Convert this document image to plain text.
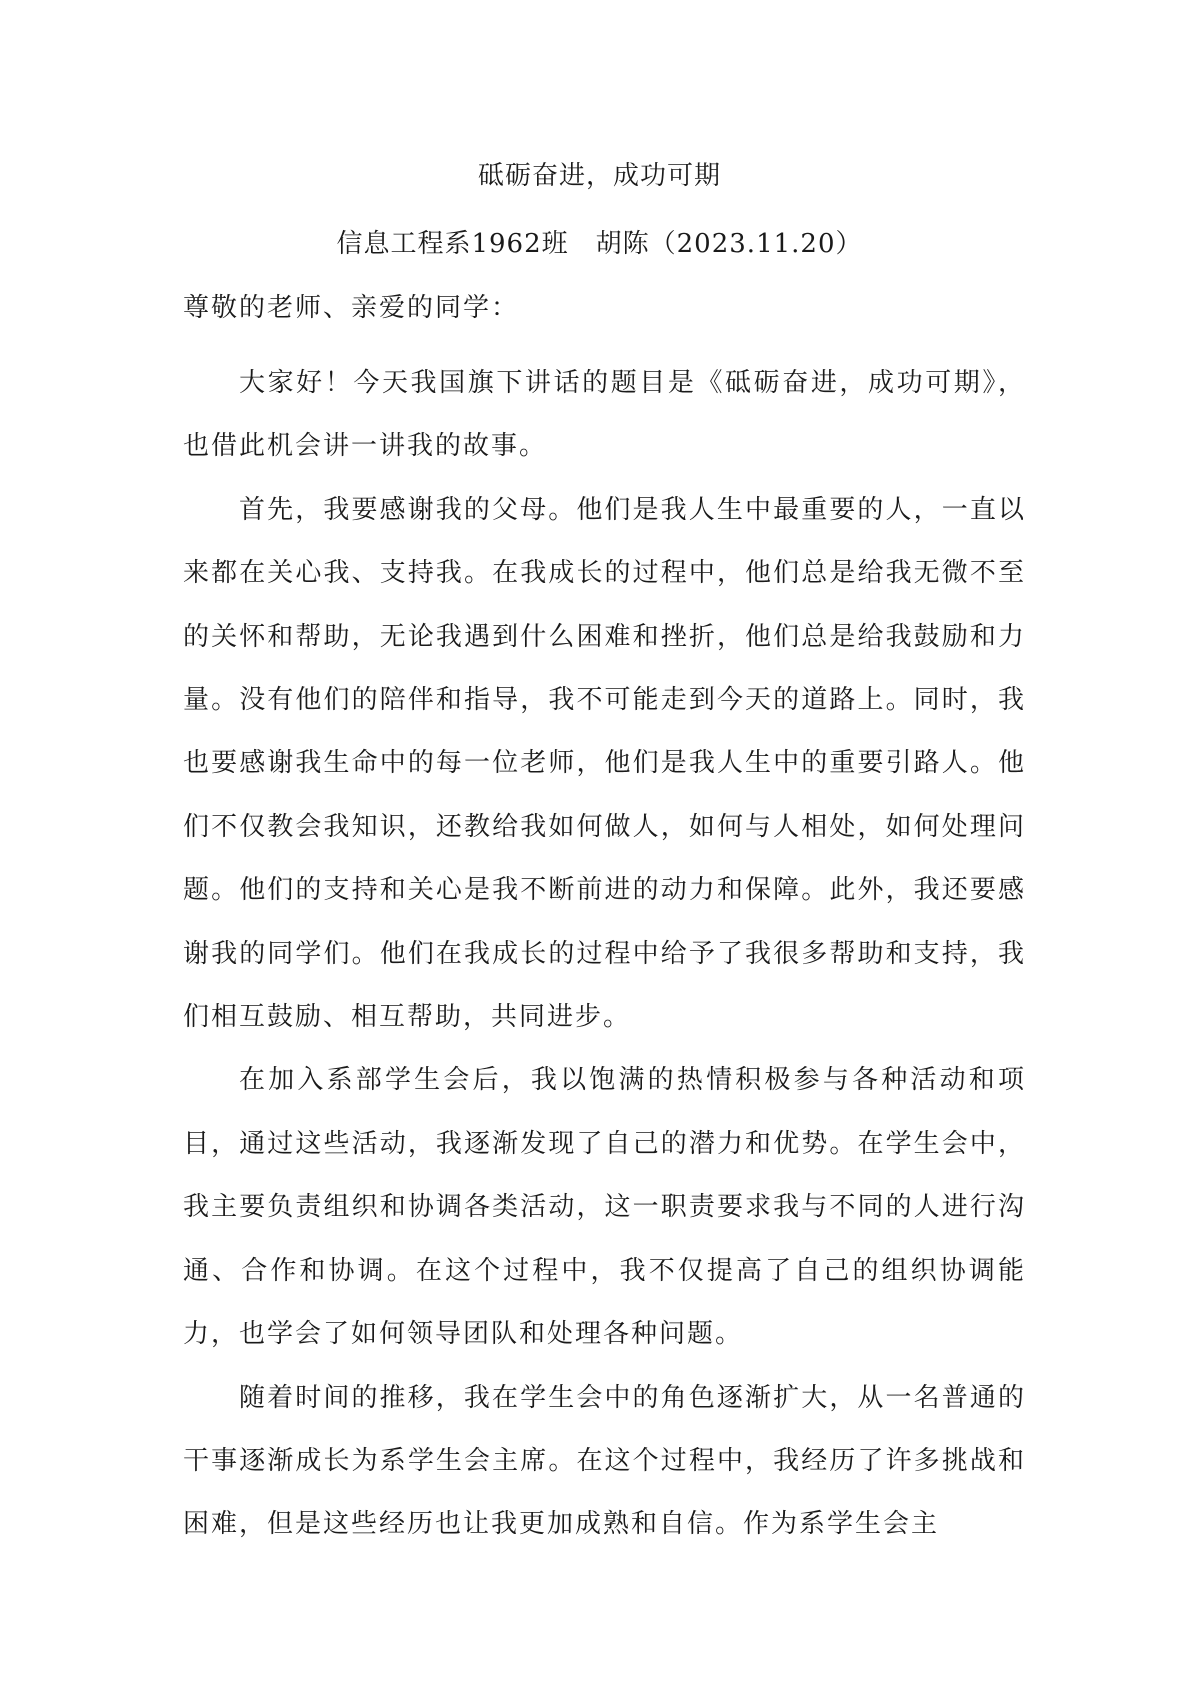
砥砺奋进，成功可期
信息工程系1962班　胡陈（2023.11.20）
尊敬的老师、亲爱的同学：

大家好！今天我国旗下讲话的题目是《砥砺奋进，成功可期》，也借此机会讲一讲我的故事。

首先，我要感谢我的父母。他们是我人生中最重要的人，一直以来都在关心我、支持我。在我成长的过程中，他们总是给我无微不至的关怀和帮助，无论我遇到什么困难和挫折，他们总是给我鼓励和力量。没有他们的陪伴和指导，我不可能走到今天的道路上。同时，我也要感谢我生命中的每一位老师，他们是我人生中的重要引路人。他们不仅教会我知识，还教给我如何做人，如何与人相处，如何处理问题。他们的支持和关心是我不断前进的动力和保障。此外，我还要感谢我的同学们。他们在我成长的过程中给予了我很多帮助和支持，我们相互鼓励、相互帮助，共同进步。

在加入系部学生会后，我以饱满的热情积极参与各种活动和项目，通过这些活动，我逐渐发现了自己的潜力和优势。在学生会中，我主要负责组织和协调各类活动，这一职责要求我与不同的人进行沟通、合作和协调。在这个过程中，我不仅提高了自己的组织协调能力，也学会了如何领导团队和处理各种问题。

随着时间的推移，我在学生会中的角色逐渐扩大，从一名普通的干事逐渐成长为系学生会主席。在这个过程中，我经历了许多挑战和困难，但是这些经历也让我更加成熟和自信。作为系学生会主
